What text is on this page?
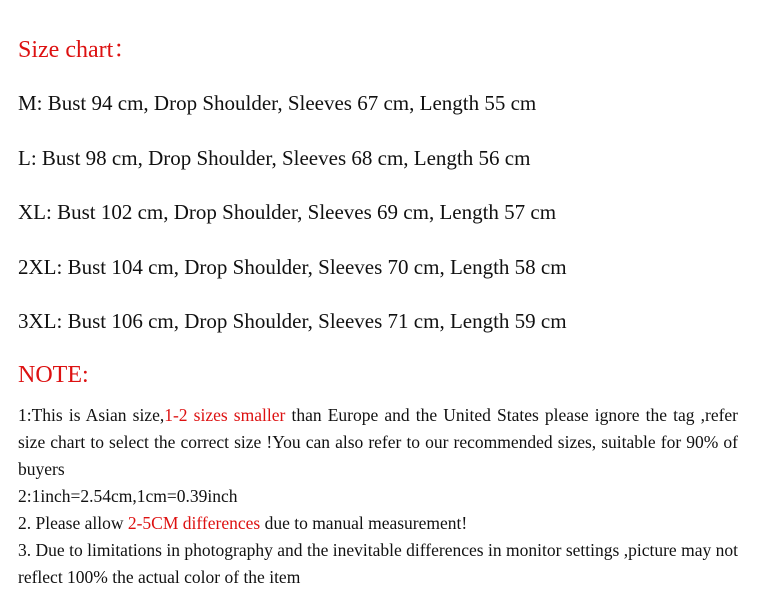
Size chart：
M: Bust 94 cm, Drop Shoulder, Sleeves 67 cm, Length 55 cm
L: Bust 98 cm, Drop Shoulder, Sleeves 68 cm, Length 56 cm
XL: Bust 102 cm, Drop Shoulder, Sleeves 69 cm, Length 57 cm
2XL: Bust 104 cm, Drop Shoulder, Sleeves 70 cm, Length 58 cm
3XL: Bust 106 cm, Drop Shoulder, Sleeves 71 cm, Length 59 cm
NOTE:

1:This is Asian size,1-2 sizes smaller than Europe and the United States please ignore the tag ,refer size chart to select the correct size !You can also refer to our recommended sizes, suitable for 90% of buyers

2:1inch=2.54cm,1cm=0.39inch

2. Please allow 2-5CM differences due to manual measurement!

3. Due to limitations in photography and the inevitable differences in monitor settings ,picture may not reflect 100% the actual color of the item
